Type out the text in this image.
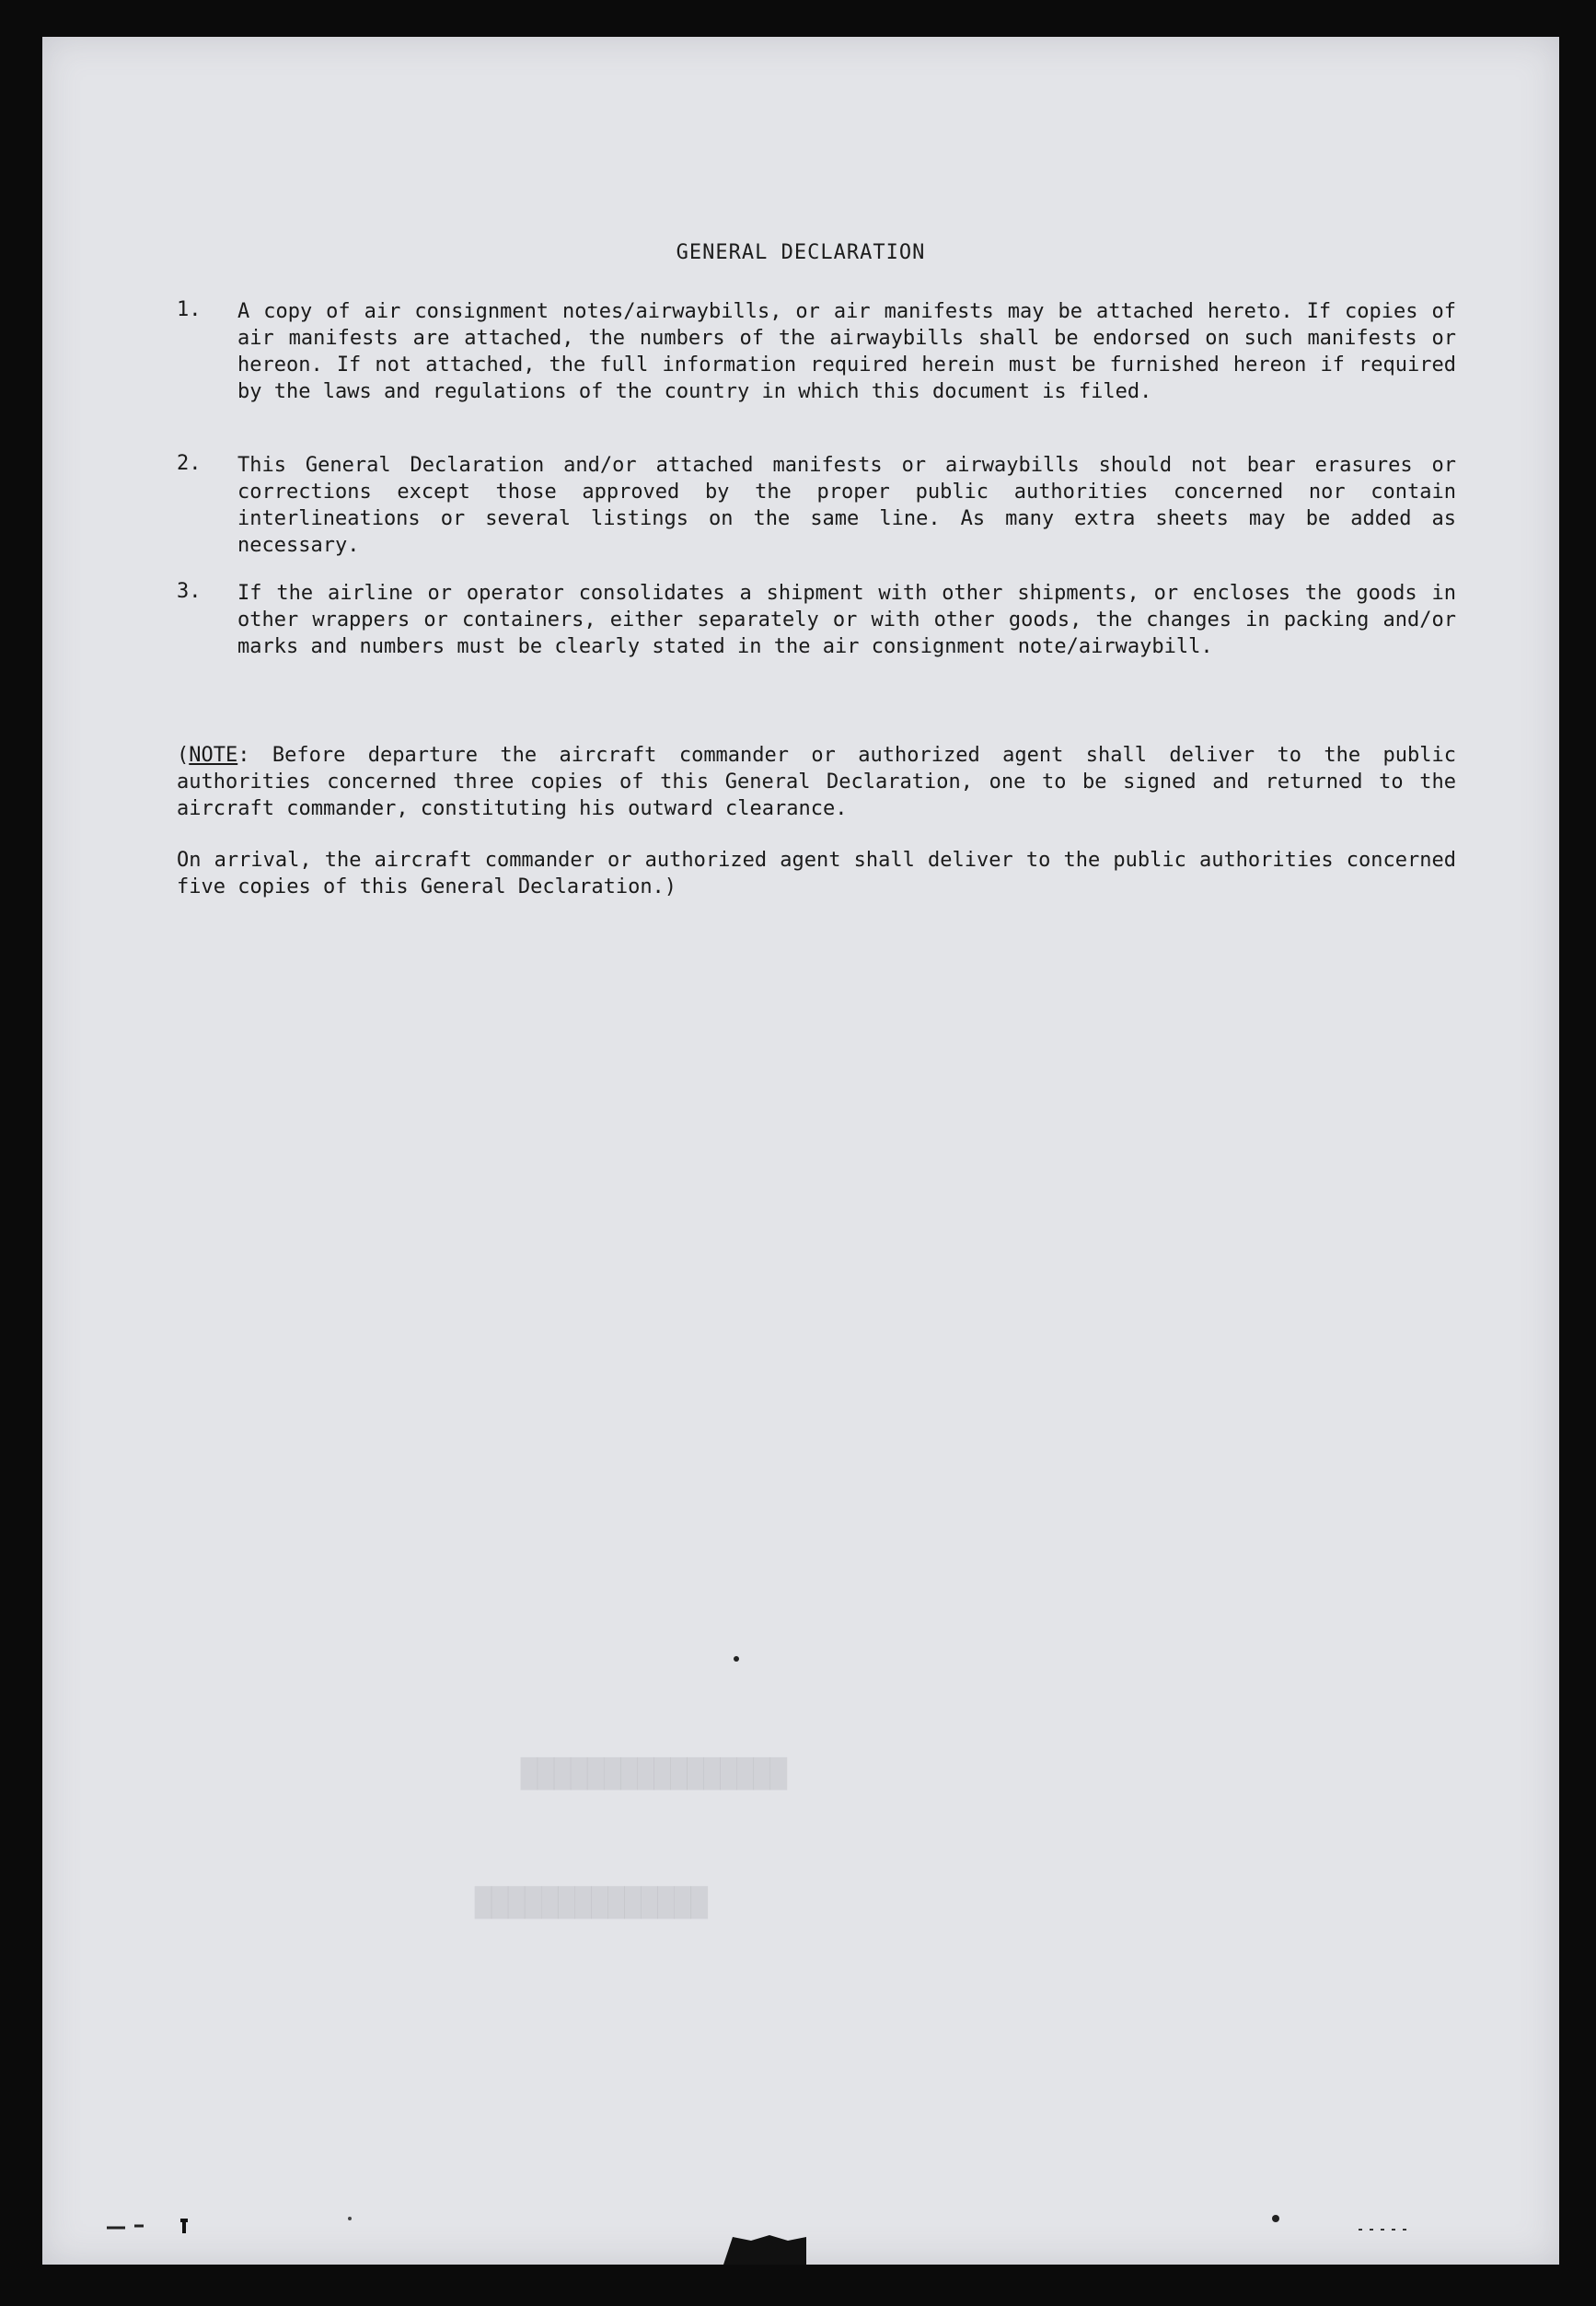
████████████████
██████████████
GENERAL DECLARATION
1. A copy of air consignment notes/airwaybills, or air manifests may be attached hereto. If copies of air manifests are attached, the numbers of the airwaybills shall be endorsed on such manifests or hereon. If not attached, the full information required herein must be furnished hereon if required by the laws and regulations of the country in which this document is filed.
2. This General Declaration and/or attached manifests or airwaybills should not bear erasures or corrections except those approved by the proper public authorities concerned nor contain interlineations or several listings on the same line. As many extra sheets may be added as necessary.
3. If the airline or operator consolidates a shipment with other shipments, or encloses the goods in other wrappers or containers, either separately or with other goods, the changes in packing and/or marks and numbers must be clearly stated in the air consignment note/airwaybill.
(NOTE: Before departure the aircraft commander or authorized agent shall deliver to the public authorities concerned three copies of this General Declaration, one to be signed and returned to the aircraft commander, constituting his outward clearance.
On arrival, the aircraft commander or authorized agent shall deliver to the public authorities concerned five copies of this General Declaration.)
